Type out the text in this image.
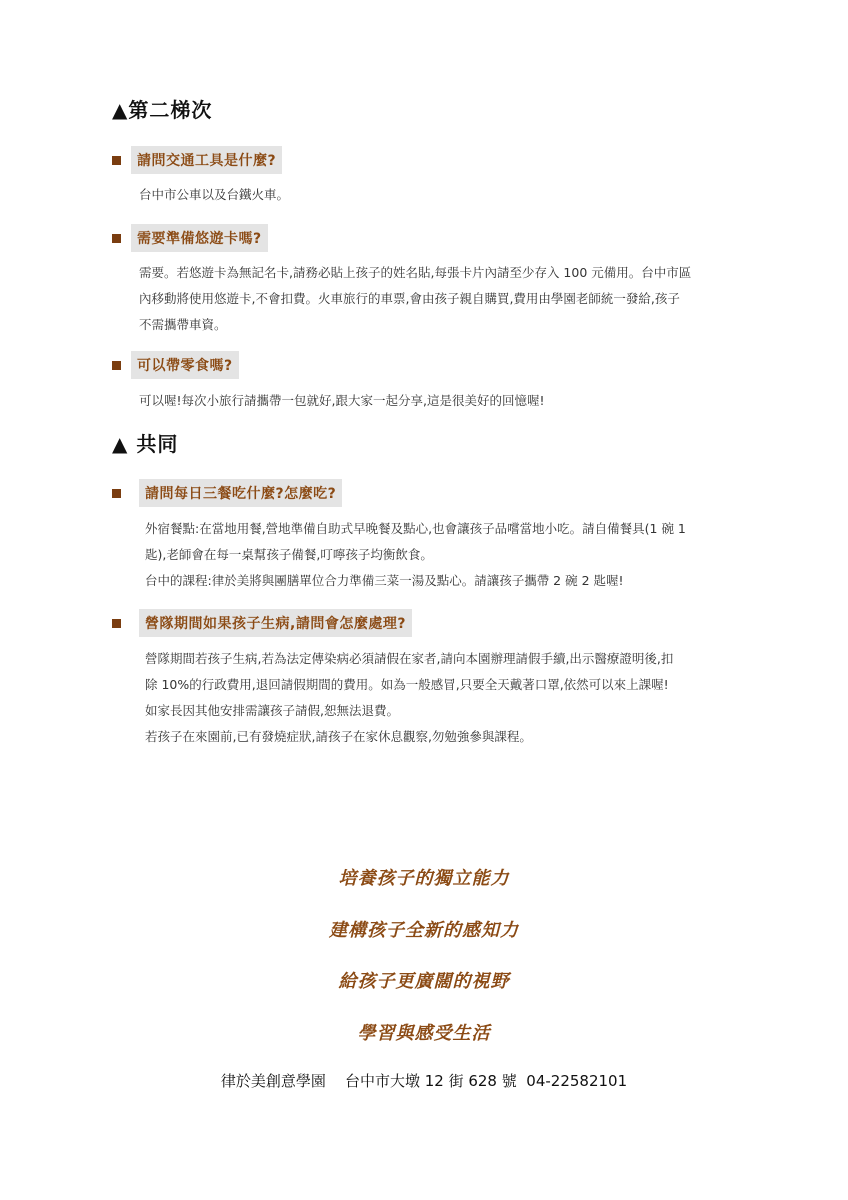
▲第二梯次
請問交通工具是什麼?
台中市公車以及台鐵火車。
需要準備悠遊卡嗎?
需要。若悠遊卡為無記名卡,請務必貼上孩子的姓名貼,每張卡片內請至少存入 100 元備用。台中市區
內移動將使用悠遊卡,不會扣費。火車旅行的車票,會由孩子親自購買,費用由學園老師統一發給,孩子
不需攜帶車資。
可以帶零食嗎?
可以喔!每次小旅行請攜帶一包就好,跟大家一起分享,這是很美好的回憶喔!
▲ 共同
請問每日三餐吃什麼?怎麼吃?
外宿餐點:在當地用餐,營地準備自助式早晚餐及點心,也會讓孩子品嚐當地小吃。請自備餐具(1 碗 1
匙),老師會在每一桌幫孩子備餐,叮嚀孩子均衡飲食。
台中的課程:律於美將與團膳單位合力準備三菜一湯及點心。請讓孩子攜帶 2 碗 2 匙喔!
營隊期間如果孩子生病,請問會怎麼處理?
營隊期間若孩子生病,若為法定傳染病必須請假在家者,請向本園辦理請假手續,出示醫療證明後,扣
除 10%的行政費用,退回請假期間的費用。如為一般感冒,只要全天戴著口罩,依然可以來上課喔!
如家長因其他安排需讓孩子請假,恕無法退費。
若孩子在來園前,已有發燒症狀,請孩子在家休息觀察,勿勉強參與課程。
培養孩子的獨立能力
建構孩子全新的感知力
給孩子更廣闊的視野
學習與感受生活
律於美創意學園    台中市大墩 12 街 628 號  04-22582101
